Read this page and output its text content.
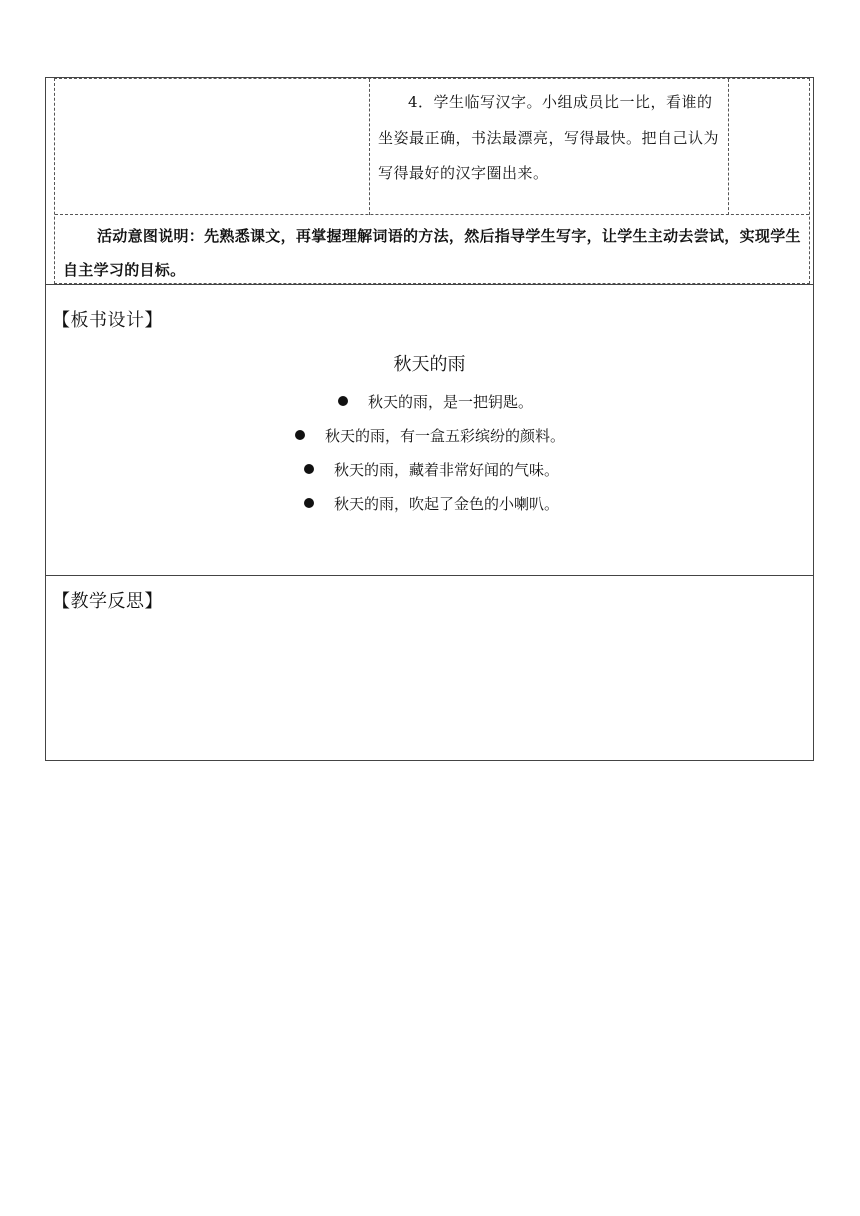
4．学生临写汉字。小组成员比一比，看谁的坐姿最正确，书法最漂亮，写得最快。把自己认为写得最好的汉字圈出来。

活动意图说明：先熟悉课文，再掌握理解词语的方法，然后指导学生写字，让学生主动去尝试，实现学生自主学习的目标。

【板书设计】

秋天的雨

秋天的雨，是一把钥匙。

秋天的雨，有一盒五彩缤纷的颜料。

秋天的雨，藏着非常好闻的气味。

秋天的雨，吹起了金色的小喇叭。

【教学反思】
